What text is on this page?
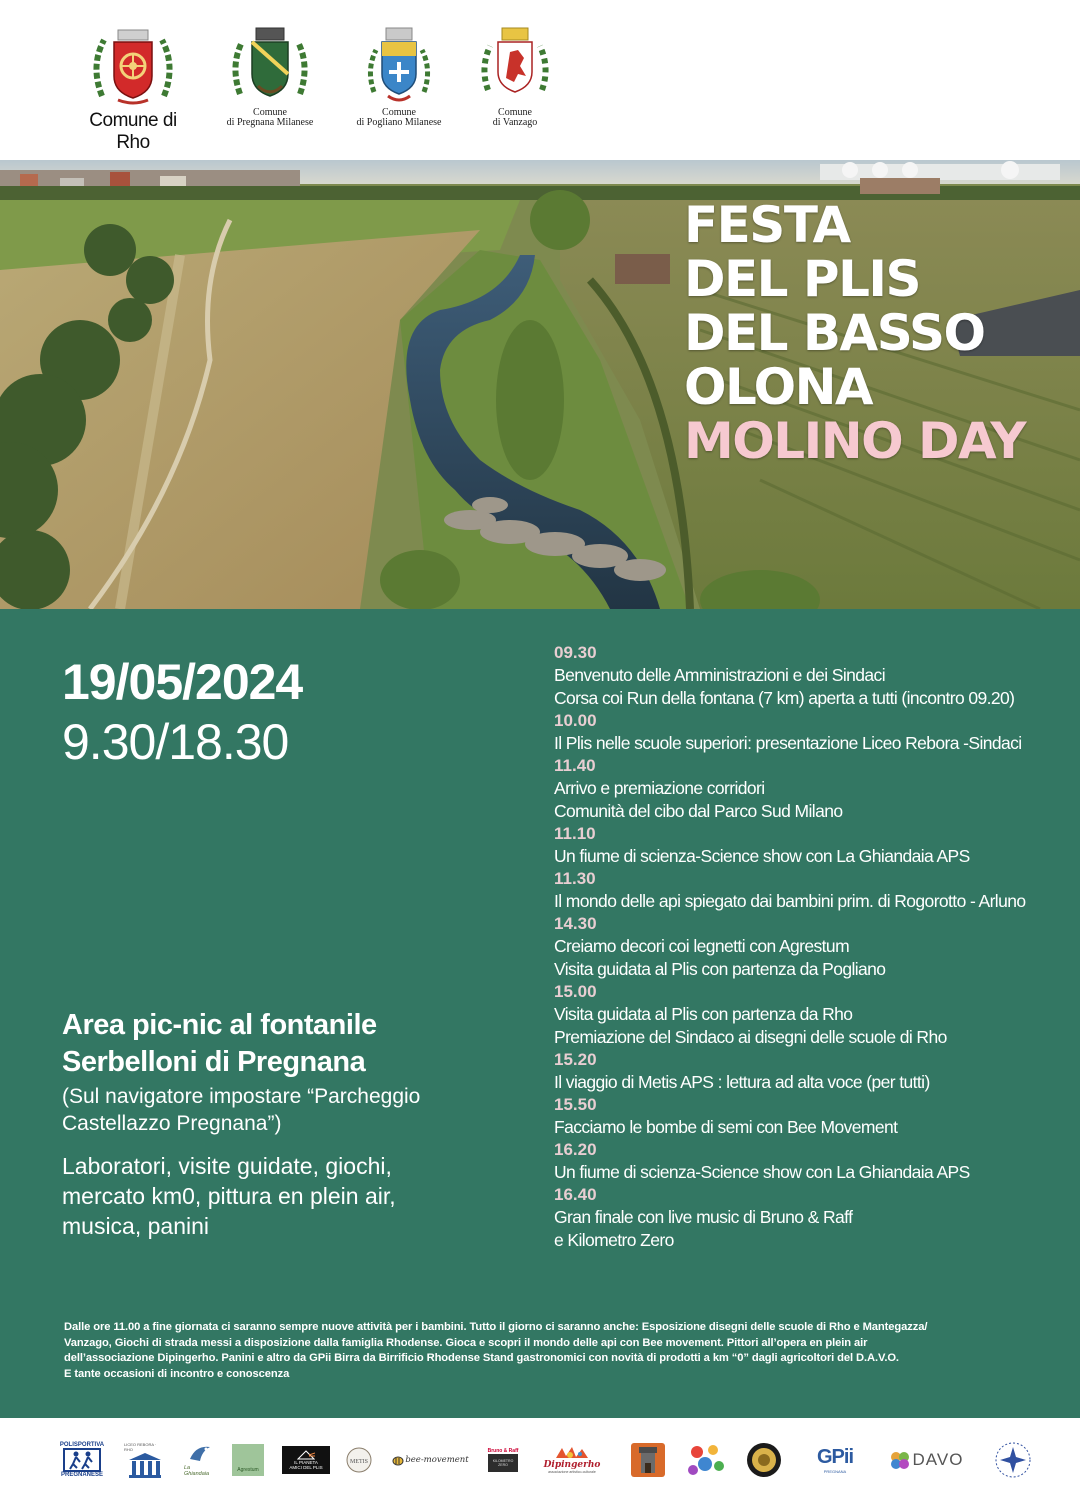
Comune di Rho
Comune
di Pregnana Milanese
Comune
di Pogliano Milanese
Comune
di Vanzago
FESTA
DEL PLIS
DEL BASSO
OLONA
MOLINO DAY
19/05/2024
9.30/18.30
Area pic-nic al fontanile
Serbelloni di Pregnana
(Sul navigatore impostare “Parcheggio
Castellazzo Pregnana”)
Laboratori, visite guidate, giochi,
mercato km0, pittura en plein air,
musica, panini
09.30
Benvenuto delle Amministrazioni e dei Sindaci
Corsa coi Run della fontana (7 km) aperta a tutti (incontro 09.20)
10.00
Il Plis nelle scuole superiori: presentazione Liceo Rebora -Sindaci
11.40
Arrivo e premiazione corridori
Comunità del cibo dal Parco Sud Milano
11.10
Un fiume di scienza-Science show con La Ghiandaia APS
11.30
Il mondo delle api spiegato dai bambini prim. di Rogorotto - Arluno
14.30
Creiamo decori coi legnetti con Agrestum
Visita guidata al Plis con partenza da Pogliano
15.00
Visita guidata al Plis con partenza da Rho
Premiazione del Sindaco ai disegni delle scuole di Rho
15.20
Il viaggio di Metis APS : lettura ad alta voce (per tutti)
15.50
Facciamo le bombe di semi con Bee Movement
16.20
Un fiume di scienza-Science show con La Ghiandaia APS
16.40
Gran finale con live music di Bruno & Raff
e Kilometro Zero
Dalle ore 11.00 a fine giornata ci saranno sempre nuove attività per i bambini. Tutto il giorno ci saranno anche: Esposizione disegni delle scuole di Rho e Mantegazza/
Vanzago, Giochi di strada messi a disposizione dalla famiglia Rhodense. Gioca e scopri il mondo delle api con Bee movement. Pittori all’opera en plein air
dell’associazione Dipingerho. Panini e altro da GPii Birra da Birrificio Rhodense Stand gastronomici con novità di prodotti a km “0” dagli agricoltori del D.A.V.O.
E tante occasioni di incontro e conoscenza
POLISPORTIVA
PREGNANESE
LICEO REBORA · RHO
La Ghiandaia
Agrestum
IL PIANETA
AMICI DEL PLIS
METIS	bee-movement
Bruno & Raff
KILOMETRO ZERO	Dipingerho
associazione artistico-culturale
GPii
PREGNANA
DAVO
